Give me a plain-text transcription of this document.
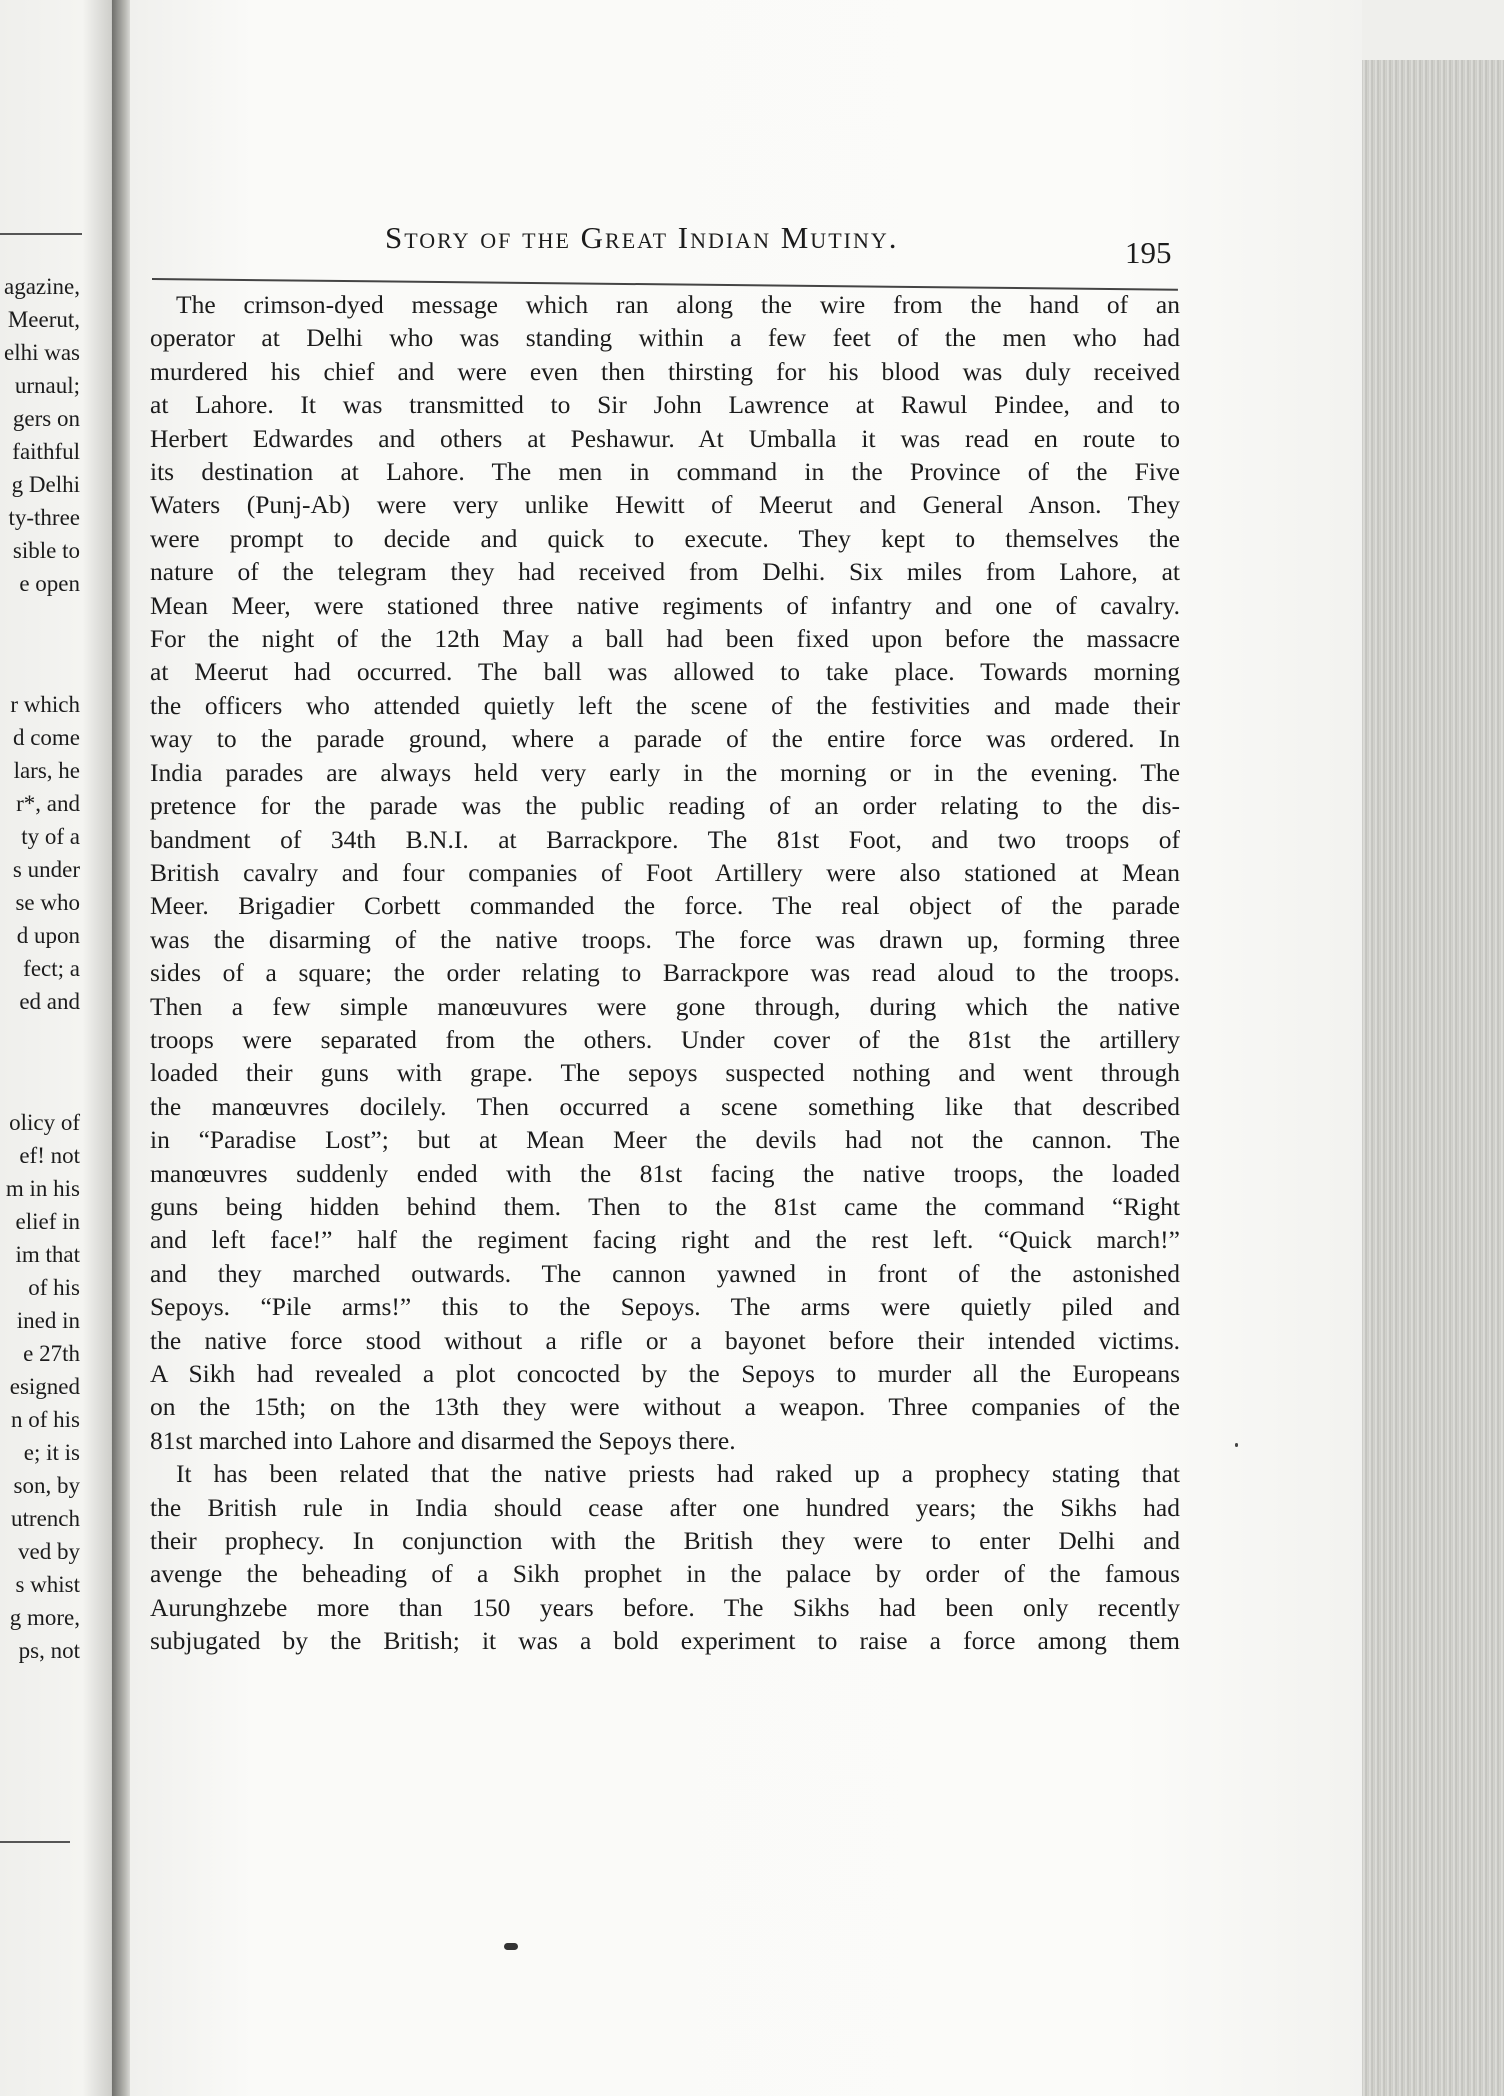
agazine,
Meerut,
elhi was
urnaul;
gers on
faithful
g Delhi
ty-three
sible to
e open
r which
d come
lars, he
r*, and
ty of a
s under
se who
d upon
fect; a
ed and
olicy of
ef! not
m in his
elief in
im that
of his
ined in
e 27th
esigned
n of his
e; it is
son, by
utrench
ved by
s whist
g more,
ps, not
Story of the Great Indian Mutiny.	195
The crimson-dyed message which ran along the wire from the hand of an
operator at Delhi who was standing within a few feet of the men who had
murdered his chief and were even then thirsting for his blood was duly received
at Lahore. It was transmitted to Sir John Lawrence at Rawul Pindee, and to
Herbert Edwardes and others at Peshawur. At Umballa it was read en route to
its destination at Lahore. The men in command in the Province of the Five
Waters (Punj-Ab) were very unlike Hewitt of Meerut and General Anson. They
were prompt to decide and quick to execute. They kept to themselves the
nature of the telegram they had received from Delhi. Six miles from Lahore, at
Mean Meer, were stationed three native regiments of infantry and one of cavalry.
For the night of the 12th May a ball had been fixed upon before the massacre
at Meerut had occurred. The ball was allowed to take place. Towards morning
the officers who attended quietly left the scene of the festivities and made their
way to the parade ground, where a parade of the entire force was ordered. In
India parades are always held very early in the morning or in the evening. The
pretence for the parade was the public reading of an order relating to the dis-
bandment of 34th B.N.I. at Barrackpore. The 81st Foot, and two troops of
British cavalry and four companies of Foot Artillery were also stationed at Mean
Meer. Brigadier Corbett commanded the force. The real object of the parade
was the disarming of the native troops. The force was drawn up, forming three
sides of a square; the order relating to Barrackpore was read aloud to the troops.
Then a few simple manœuvures were gone through, during which the native
troops were separated from the others. Under cover of the 81st the artillery
loaded their guns with grape. The sepoys suspected nothing and went through
the manœuvres docilely. Then occurred a scene something like that described
in “Paradise Lost”; but at Mean Meer the devils had not the cannon. The
manœuvres suddenly ended with the 81st facing the native troops, the loaded
guns being hidden behind them. Then to the 81st came the command “Right
and left face!” half the regiment facing right and the rest left. “Quick march!”
and they marched outwards. The cannon yawned in front of the astonished
Sepoys. “Pile arms!” this to the Sepoys. The arms were quietly piled and
the native force stood without a rifle or a bayonet before their intended victims.
A Sikh had revealed a plot concocted by the Sepoys to murder all the Europeans
on the 15th; on the 13th they were without a weapon. Three companies of the
81st marched into Lahore and disarmed the Sepoys there.
It has been related that the native priests had raked up a prophecy stating that
the British rule in India should cease after one hundred years; the Sikhs had
their prophecy. In conjunction with the British they were to enter Delhi and
avenge the beheading of a Sikh prophet in the palace by order of the famous
Aurunghzebe more than 150 years before. The Sikhs had been only recently
subjugated by the British; it was a bold experiment to raise a force among them
